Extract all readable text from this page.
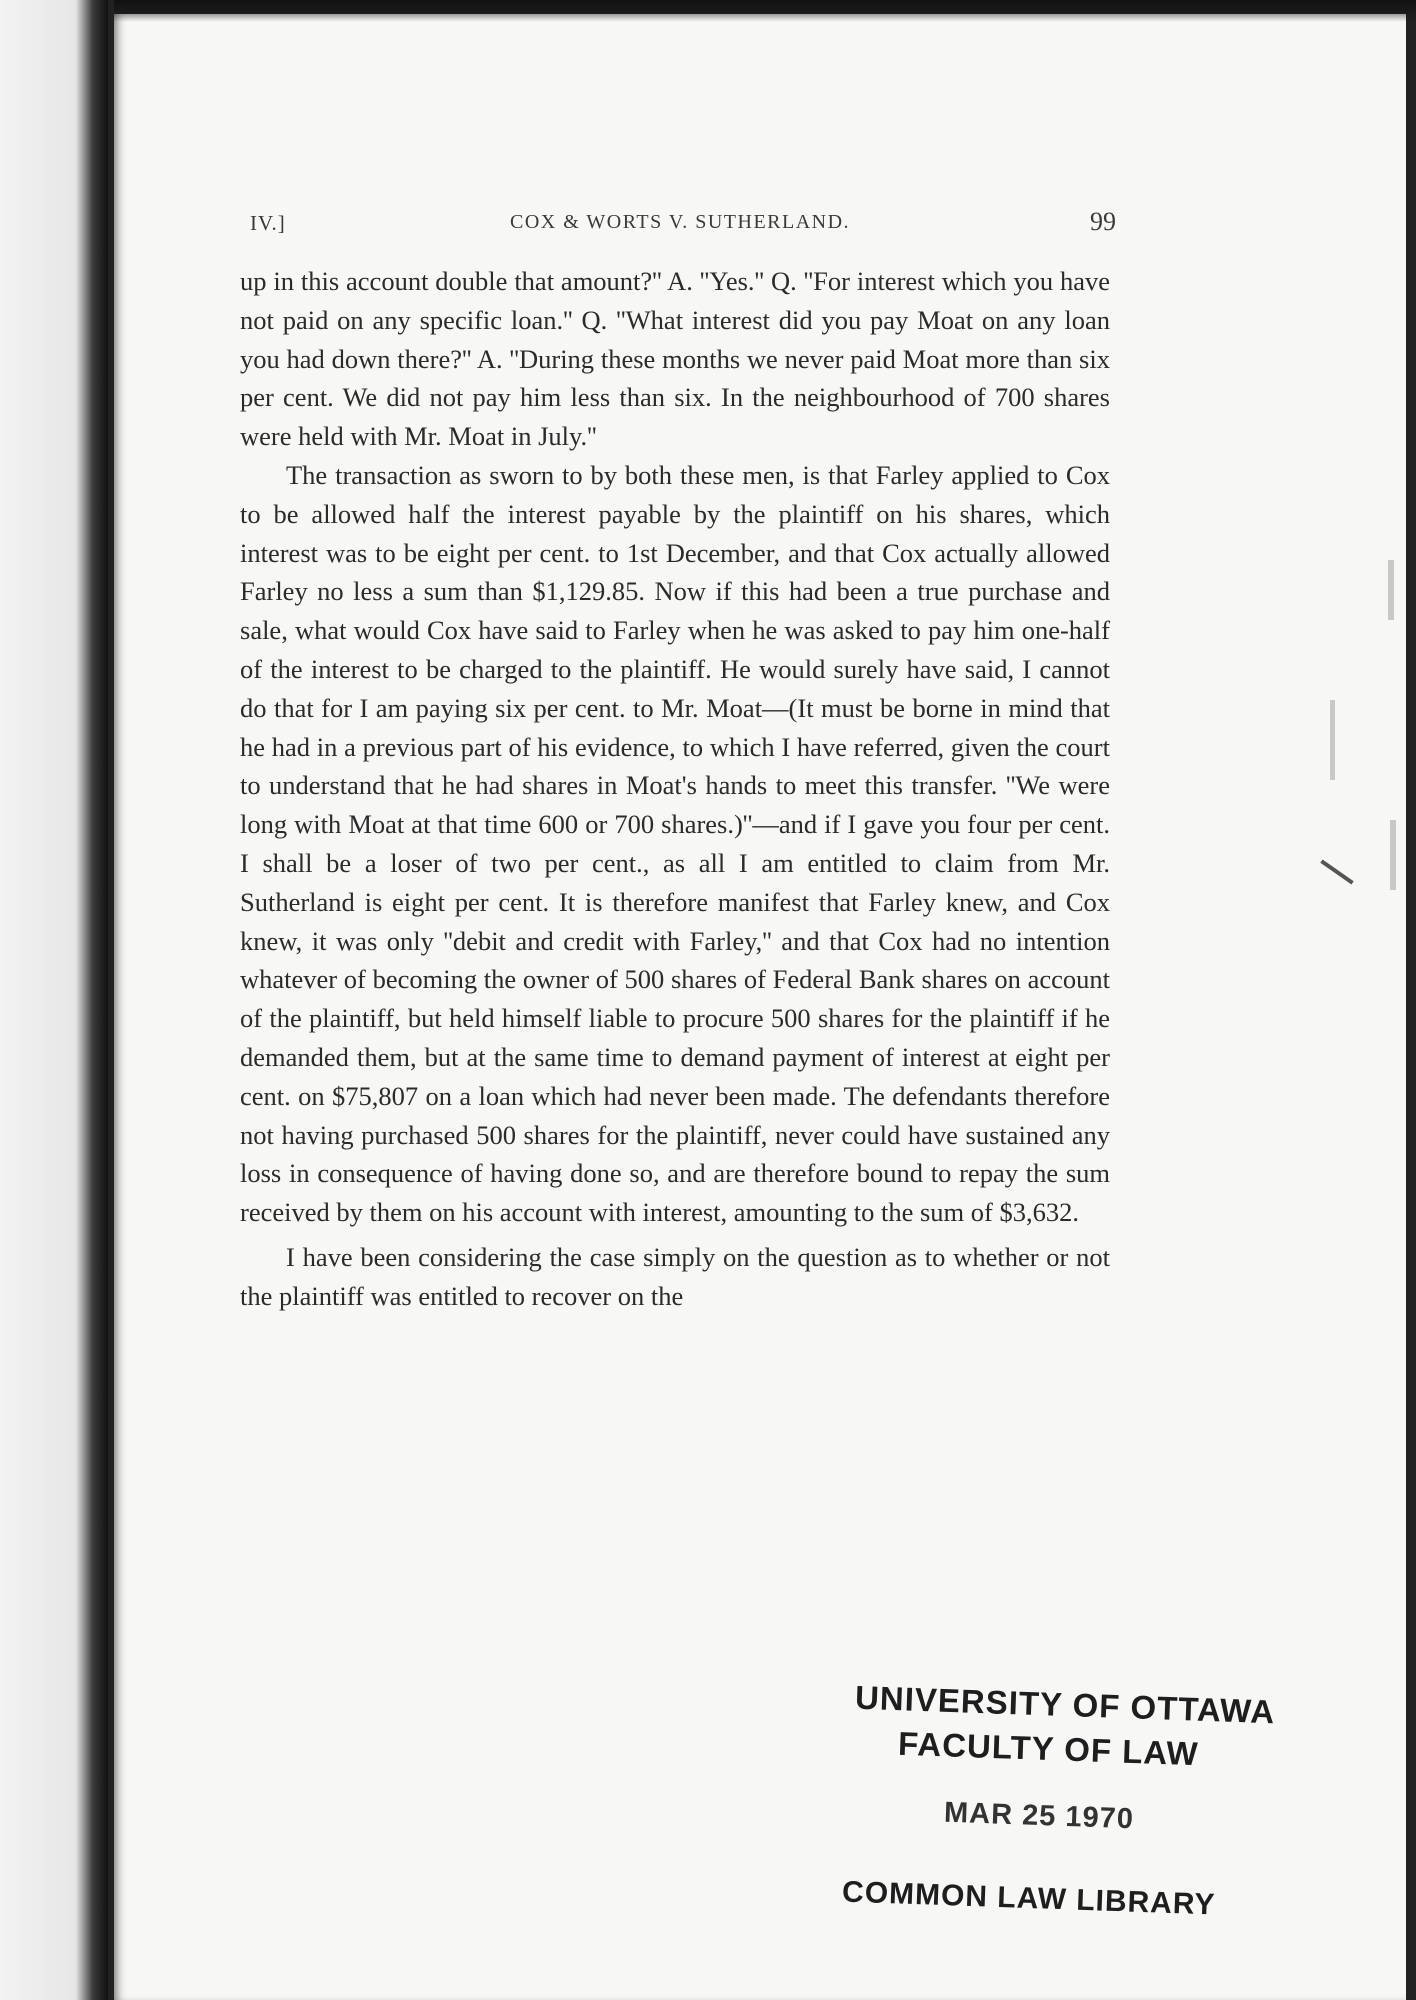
IV.]	COX & WORTS V. SUTHERLAND.	99

up in this account double that amount?'' A. ''Yes.'' Q. ''For interest which you have not paid on any specific loan.'' Q. ''What interest did you pay Moat on any loan you had down there?'' A. ''During these months we never paid Moat more than six per cent. We did not pay him less than six. In the neighbourhood of 700 shares were held with Mr. Moat in July.''

The transaction as sworn to by both these men, is that Farley applied to Cox to be allowed half the interest payable by the plaintiff on his shares, which interest was to be eight per cent. to 1st December, and that Cox actually allowed Farley no less a sum than $1,129.85. Now if this had been a true purchase and sale, what would Cox have said to Farley when he was asked to pay him one-half of the interest to be charged to the plaintiff. He would surely have said, I cannot do that for I am paying six per cent. to Mr. Moat—(It must be borne in mind that he had in a previous part of his evidence, to which I have referred, given the court to understand that he had shares in Moat's hands to meet this transfer. ''We were long with Moat at that time 600 or 700 shares.)''—and if I gave you four per cent. I shall be a loser of two per cent., as all I am entitled to claim from Mr. Sutherland is eight per cent. It is therefore manifest that Farley knew, and Cox knew, it was only ''debit and credit with Farley,'' and that Cox had no intention whatever of becoming the owner of 500 shares of Federal Bank shares on account of the plaintiff, but held himself liable to procure 500 shares for the plaintiff if he demanded them, but at the same time to demand payment of interest at eight per cent. on $75,807 on a loan which had never been made. The defendants therefore not having purchased 500 shares for the plaintiff, never could have sustained any loss in consequence of having done so, and are therefore bound to repay the sum received by them on his account with interest, amounting to the sum of $3,632.

I have been considering the case simply on the question as to whether or not the plaintiff was entitled to recover on the

UNIVERSITY OF OTTAWA
FACULTY OF LAW
MAR 25 1970
COMMON LAW LIBRARY
